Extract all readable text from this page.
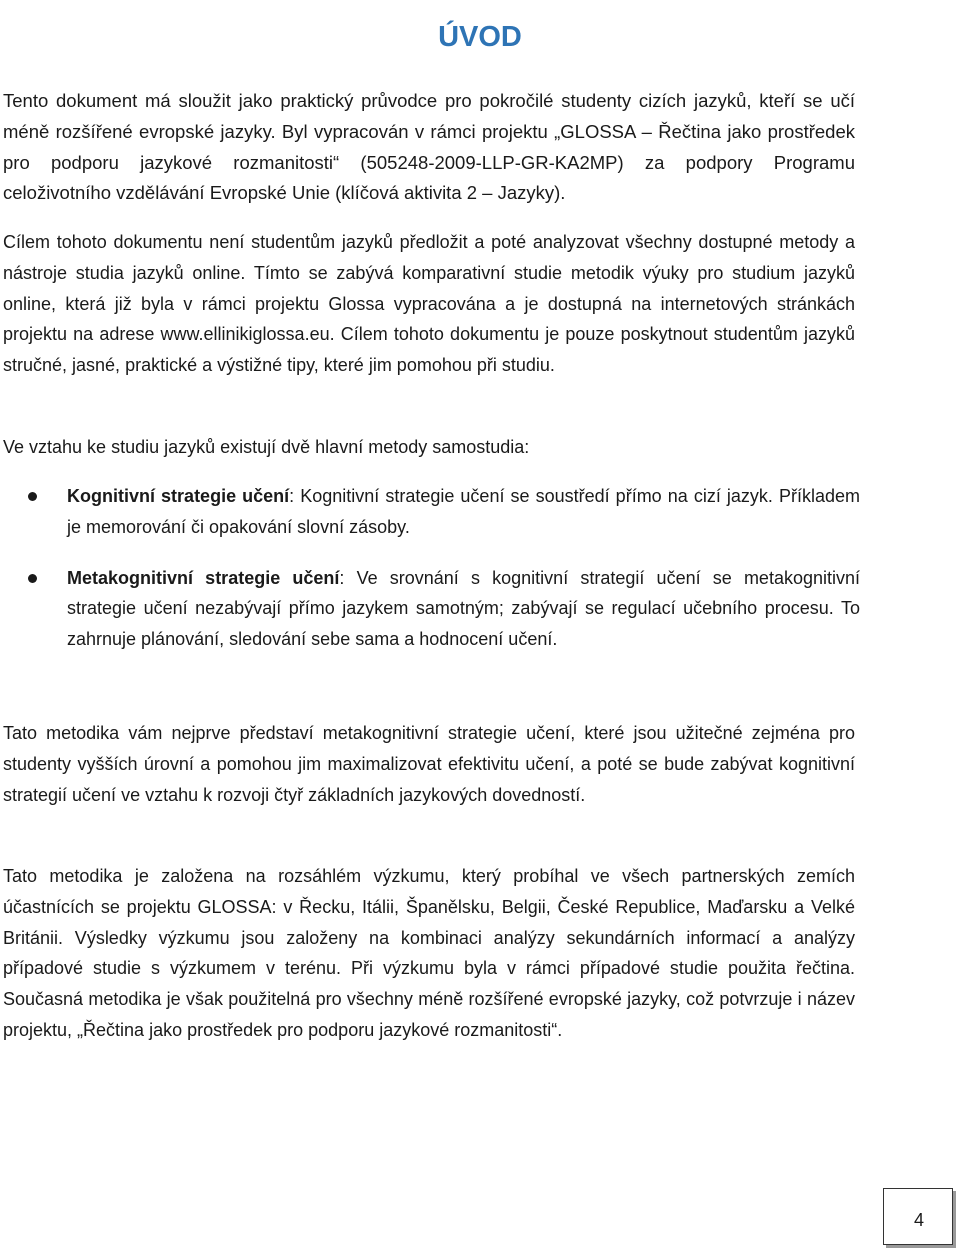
ÚVOD

Tento dokument má sloužit jako praktický průvodce pro pokročilé studenty cizích jazyků, kteří se učí méně rozšířené evropské jazyky. Byl vypracován v rámci projektu „GLOSSA – Řečtina jako prostředek pro podporu jazykové rozmanitosti“ (505248-2009-LLP-GR-KA2MP) za podpory Programu celoživotního vzdělávání Evropské Unie (klíčová aktivita 2 – Jazyky).

Cílem tohoto dokumentu není studentům jazyků předložit a poté analyzovat všechny dostupné metody a nástroje studia jazyků online. Tímto se zabývá komparativní studie metodik výuky pro studium jazyků online, která již byla v rámci projektu Glossa vypracována a je dostupná na internetových stránkách projektu na adrese www.ellinikiglossa.eu. Cílem tohoto dokumentu je pouze poskytnout studentům jazyků stručné, jasné, praktické a výstižné tipy, které jim pomohou při studiu.

Ve vztahu ke studiu jazyků existují dvě hlavní metody samostudia:

Kognitivní strategie učení: Kognitivní strategie učení se soustředí přímo na cizí jazyk. Příkladem je memorování či opakování slovní zásoby.
Metakognitivní strategie učení: Ve srovnání s kognitivní strategií učení se metakognitivní strategie učení nezabývají přímo jazykem samotným; zabývají se regulací učebního procesu. To zahrnuje plánování, sledování sebe sama a hodnocení učení.

Tato metodika vám nejprve představí metakognitivní strategie učení, které jsou užitečné zejména pro studenty vyšších úrovní a pomohou jim maximalizovat efektivitu učení, a poté se bude zabývat kognitivní strategií učení ve vztahu k rozvoji čtyř základních jazykových dovedností.

Tato metodika je založena na rozsáhlém výzkumu, který probíhal ve všech partnerských zemích účastnících se projektu GLOSSA: v Řecku, Itálii, Španělsku, Belgii, České Republice, Maďarsku a Velké Británii. Výsledky výzkumu jsou založeny na kombinaci analýzy sekundárních informací a analýzy případové studie s výzkumem v terénu. Při výzkumu byla v rámci případové studie použita řečtina. Současná metodika je však použitelná pro všechny méně rozšířené evropské jazyky, což potvrzuje i název projektu, „Řečtina jako prostředek pro podporu jazykové rozmanitosti“.

4
